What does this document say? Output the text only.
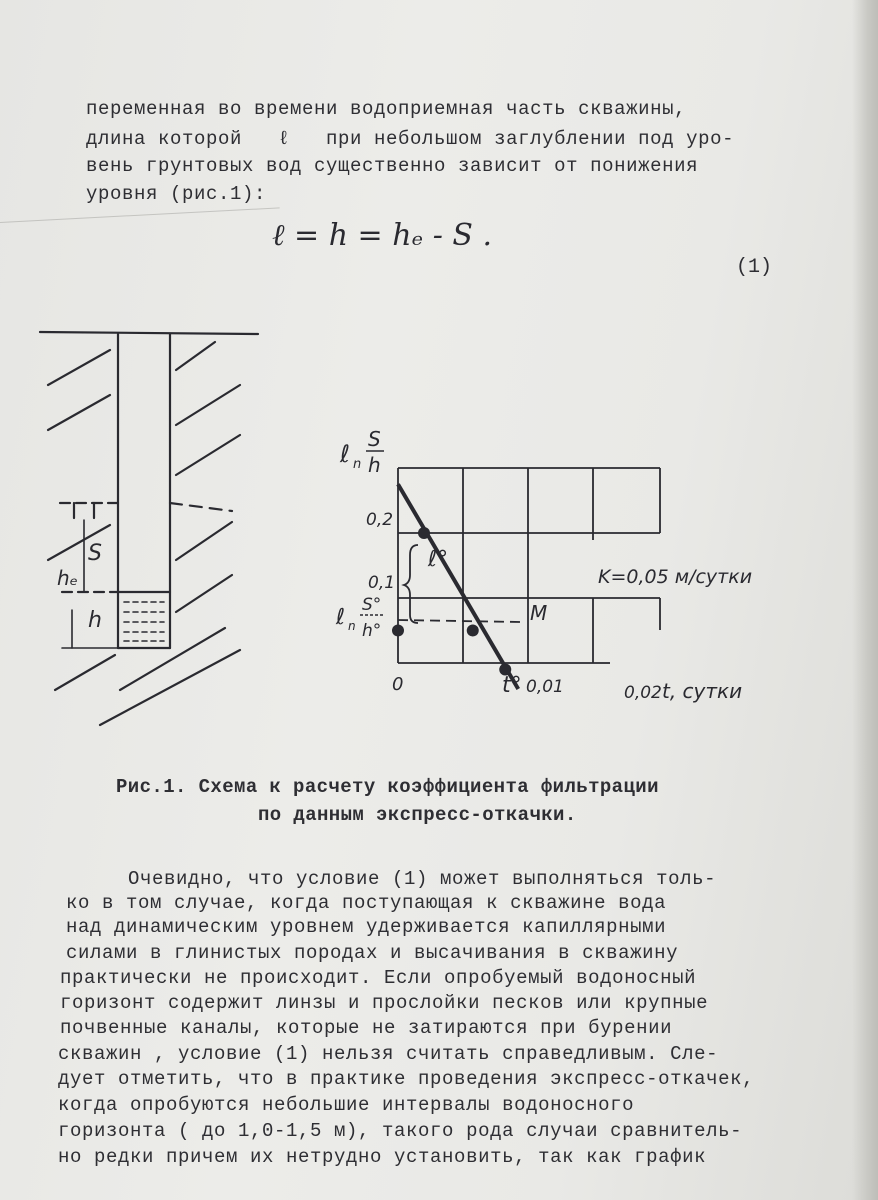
переменная во времени водоприемная часть скважины,
длина которой   ℓ   при небольшом заглублении под уро-
вень грунтовых вод существенно зависит от понижения
уровня (рис.1):
ℓ = h = hₑ - S .
(1)
S
hₑ
h
ℓ n
S
h
ℓ n
S°
h°
0,2
0,1
0
ℓ°
M
K=0,05 м/сутки
t° 0,01	0,02 t, сутки
Рис.1. Схема к расчету коэффициента фильтрации
по данным экспресс-откачки.
Очевидно, что условие (1) может выполняться толь-
ко в том случае, когда поступающая к скважине вода
над динамическим уровнем удерживается капиллярными
силами в глинистых породах и высачивания в скважину
практически не происходит. Если опробуемый водоносный
горизонт содержит линзы и прослойки песков или крупные
почвенные каналы, которые не затираются при бурении
скважин , условие (1) нельзя считать справедливым. Сле-
дует отметить, что в практике проведения экспресс-откачек,
когда опробуются небольшие интервалы водоносного
горизонта ( до 1,0-1,5 м), такого рода случаи сравнитель-
но редки причем их нетрудно установить, так как график
